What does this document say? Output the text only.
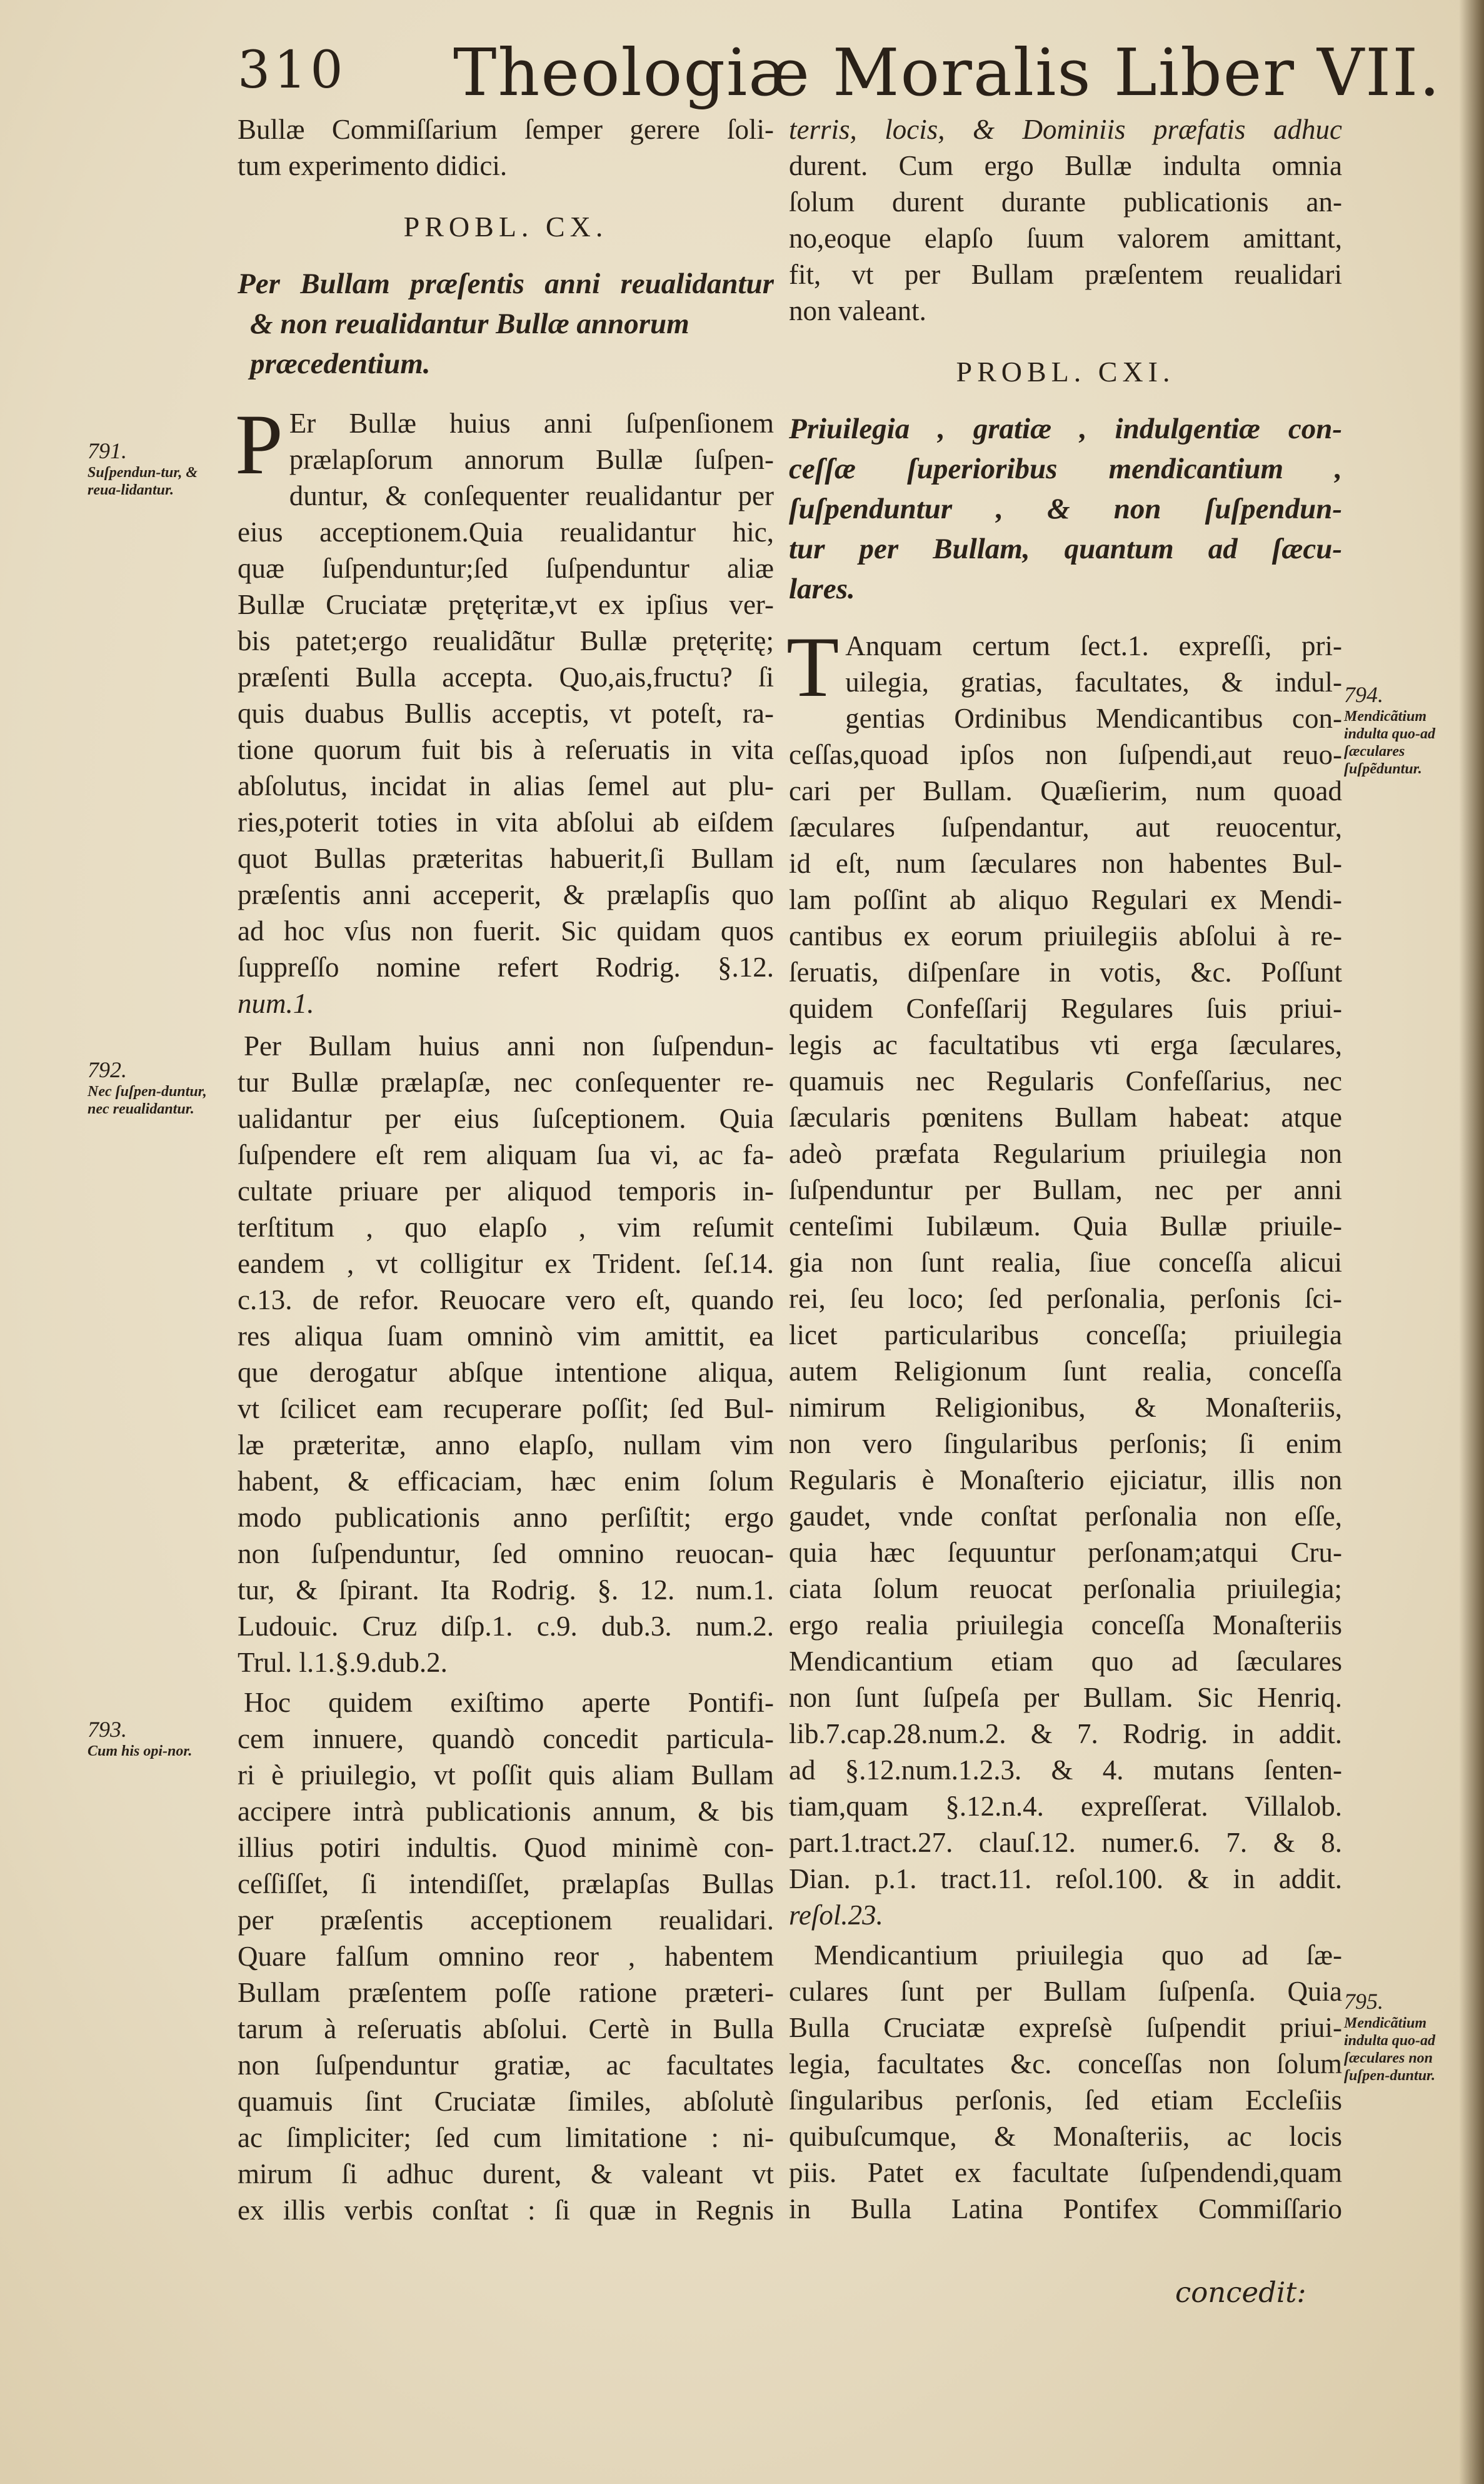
310 Theologiæ Moralis Liber VII.
Bullæ Commiſſarium ſemper gerere ſoli-
tum experimento didici.
PROBL. CX.
Per Bullam præſentis anni reualidantur
& non reualidantur Bullæ annorum
præcedentium.
P Er Bullæ huius anni ſuſpenſionem
prælapſorum annorum Bullæ ſuſpen-
duntur, & conſequenter reualidantur per
eius acceptionem.Quia reualidantur hic,
quæ ſuſpenduntur;ſed ſuſpenduntur aliæ
Bullæ Cruciatæ prętęritæ,vt ex ipſius ver-
bis patet;ergo reualidãtur Bullæ prętęritę;
præſenti Bulla accepta. Quo,ais,fructu? ſi
quis duabus Bullis acceptis, vt poteſt, ra-
tione quorum fuit bis à reſeruatis in vita
abſolutus, incidat in alias ſemel aut plu-
ries,poterit toties in vita abſolui ab eiſdem
quot Bullas præteritas habuerit,ſi Bullam
præſentis anni acceperit, & prælapſis quo
ad hoc vſus non fuerit. Sic quidam quos
ſuppreſſo nomine refert Rodrig. §.12.
num.1.
Per Bullam huius anni non ſuſpendun-
tur Bullæ prælapſæ, nec conſequenter re-
ualidantur per eius ſuſceptionem. Quia
ſuſpendere eſt rem aliquam ſua vi, ac fa-
cultate priuare per aliquod temporis in-
terſtitum , quo elapſo , vim reſumit
eandem , vt colligitur ex Trident. ſeſ.14.
c.13. de refor. Reuocare vero eſt, quando
res aliqua ſuam omninò vim amittit, ea
que derogatur abſque intentione aliqua,
vt ſcilicet eam recuperare poſſit; ſed Bul-
læ præteritæ, anno elapſo, nullam vim
habent, & efficaciam, hæc enim ſolum
modo publicationis anno perſiſtit; ergo
non ſuſpenduntur, ſed omnino reuocan-
tur, & ſpirant. Ita Rodrig. §. 12. num.1.
Ludouic. Cruz diſp.1. c.9. dub.3. num.2.
Trul. l.1.§.9.dub.2.
Hoc quidem exiſtimo aperte Pontifi-
cem innuere, quandò concedit particula-
ri è priuilegio, vt poſſit quis aliam Bullam
accipere intrà publicationis annum, & bis
illius potiri indultis. Quod minimè con-
ceſſiſſet, ſi intendiſſet, prælapſas Bullas
per præſentis acceptionem reualidari.
Quare falſum omnino reor , habentem
Bullam præſentem poſſe ratione præteri-
tarum à reſeruatis abſolui. Certè in Bulla
non ſuſpenduntur gratiæ, ac facultates
quamuis ſint Cruciatæ ſimiles, abſolutè
ac ſimpliciter; ſed cum limitatione : ni-
mirum ſi adhuc durent, & valeant vt
ex illis verbis conſtat : ſi quæ in Regnis
terris, locis, & Dominiis præfatis adhuc
durent. Cum ergo Bullæ indulta omnia
ſolum durent durante publicationis an-
no,eoque elapſo ſuum valorem amittant,
fit, vt per Bullam præſentem reualidari
non valeant.
PROBL. CXI.
Priuilegia , gratiæ , indulgentiæ con-
ceſſæ ſuperioribus mendicantium ,
ſuſpenduntur , & non ſuſpendun-
tur per Bullam, quantum ad ſæcu-
lares.
T Anquam certum ſect.1. expreſſi, pri-
uilegia, gratias, facultates, & indul-
gentias Ordinibus Mendicantibus con-
ceſſas,quoad ipſos non ſuſpendi,aut reuo-
cari per Bullam. Quæſierim, num quoad
ſæculares ſuſpendantur, aut reuocentur,
id eſt, num ſæculares non habentes Bul-
lam poſſint ab aliquo Regulari ex Mendi-
cantibus ex eorum priuilegiis abſolui à re-
ſeruatis, diſpenſare in votis, &c. Poſſunt
quidem Confeſſarij Regulares ſuis priui-
legis ac facultatibus vti erga ſæculares,
quamuis nec Regularis Confeſſarius, nec
ſæcularis pœnitens Bullam habeat: atque
adeò præfata Regularium priuilegia non
ſuſpenduntur per Bullam, nec per anni
centeſimi Iubilæum. Quia Bullæ priuile-
gia non ſunt realia, ſiue conceſſa alicui
rei, ſeu loco; ſed perſonalia, perſonis ſci-
licet particularibus conceſſa; priuilegia
autem Religionum ſunt realia, conceſſa
nimirum Religionibus, & Monaſteriis,
non vero ſingularibus perſonis; ſi enim
Regularis è Monaſterio ejiciatur, illis non
gaudet, vnde conſtat perſonalia non eſſe,
quia hæc ſequuntur perſonam;atqui Cru-
ciata ſolum reuocat perſonalia priuilegia;
ergo realia priuilegia conceſſa Monaſteriis
Mendicantium etiam quo ad ſæculares
non ſunt ſuſpeſa per Bullam. Sic Henriq.
lib.7.cap.28.num.2. & 7. Rodrig. in addit.
ad §.12.num.1.2.3. & 4. mutans ſenten-
tiam,quam §.12.n.4. expreſſerat. Villalob.
part.1.tract.27. clauſ.12. numer.6. 7. & 8.
Dian. p.1. tract.11. reſol.100. & in addit.
reſol.23.
Mendicantium priuilegia quo ad ſæ-
culares ſunt per Bullam ſuſpenſa. Quia
Bulla Cruciatæ expreſsè ſuſpendit priui-
legia, facultates &c. conceſſas non ſolum
ſingularibus perſonis, ſed etiam Eccleſiis
quibuſcumque, & Monaſteriis, ac locis
piis. Patet ex facultate ſuſpendendi,quam
in Bulla Latina Pontifex Commiſſario
concedit:
791.
Suſpendun-tur, & reua-lidantur.
792.
Nec ſuſpen-duntur, nec reualidantur.
793.
Cum his opi-nor.
794.
Mendicãtium indulta quo-ad ſæculares ſuſpẽduntur.
795.
Mendicãtium indulta quo-ad ſæculares non ſuſpen-duntur.
